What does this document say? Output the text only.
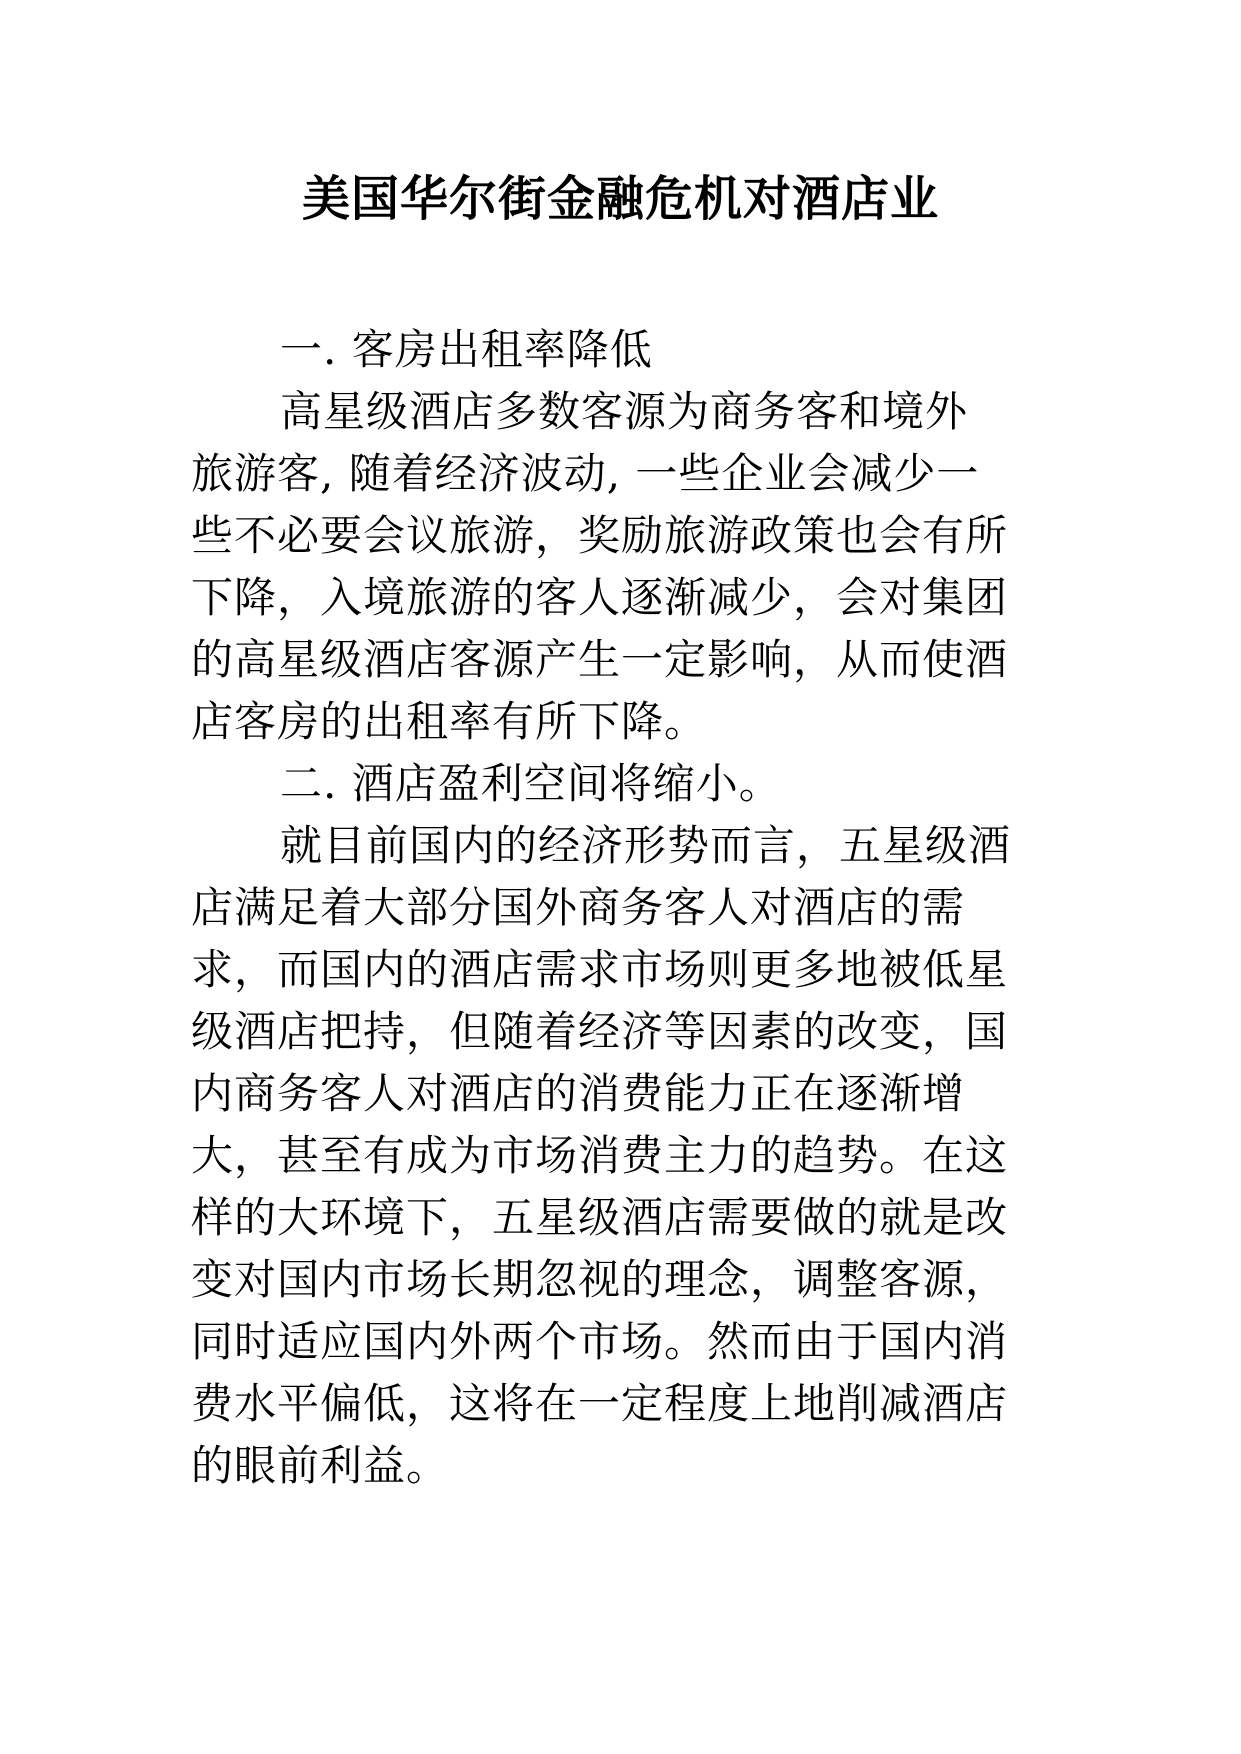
美国华尔街金融危机对酒店业
一. 客房出租率降低
高星级酒店多数客源为商务客和境外
旅游客, 随着经济波动, 一些企业会减少一
些不必要会议旅游，奖励旅游政策也会有所
下降，入境旅游的客人逐渐减少，会对集团
的高星级酒店客源产生一定影响，从而使酒
店客房的出租率有所下降。
二. 酒店盈利空间将缩小。
就目前国内的经济形势而言，五星级酒
店满足着大部分国外商务客人对酒店的需
求，而国内的酒店需求市场则更多地被低星
级酒店把持，但随着经济等因素的改变，国
内商务客人对酒店的消费能力正在逐渐增
大，甚至有成为市场消费主力的趋势。在这
样的大环境下，五星级酒店需要做的就是改
变对国内市场长期忽视的理念，调整客源，
同时适应国内外两个市场。然而由于国内消
费水平偏低，这将在一定程度上地削减酒店
的眼前利益。
